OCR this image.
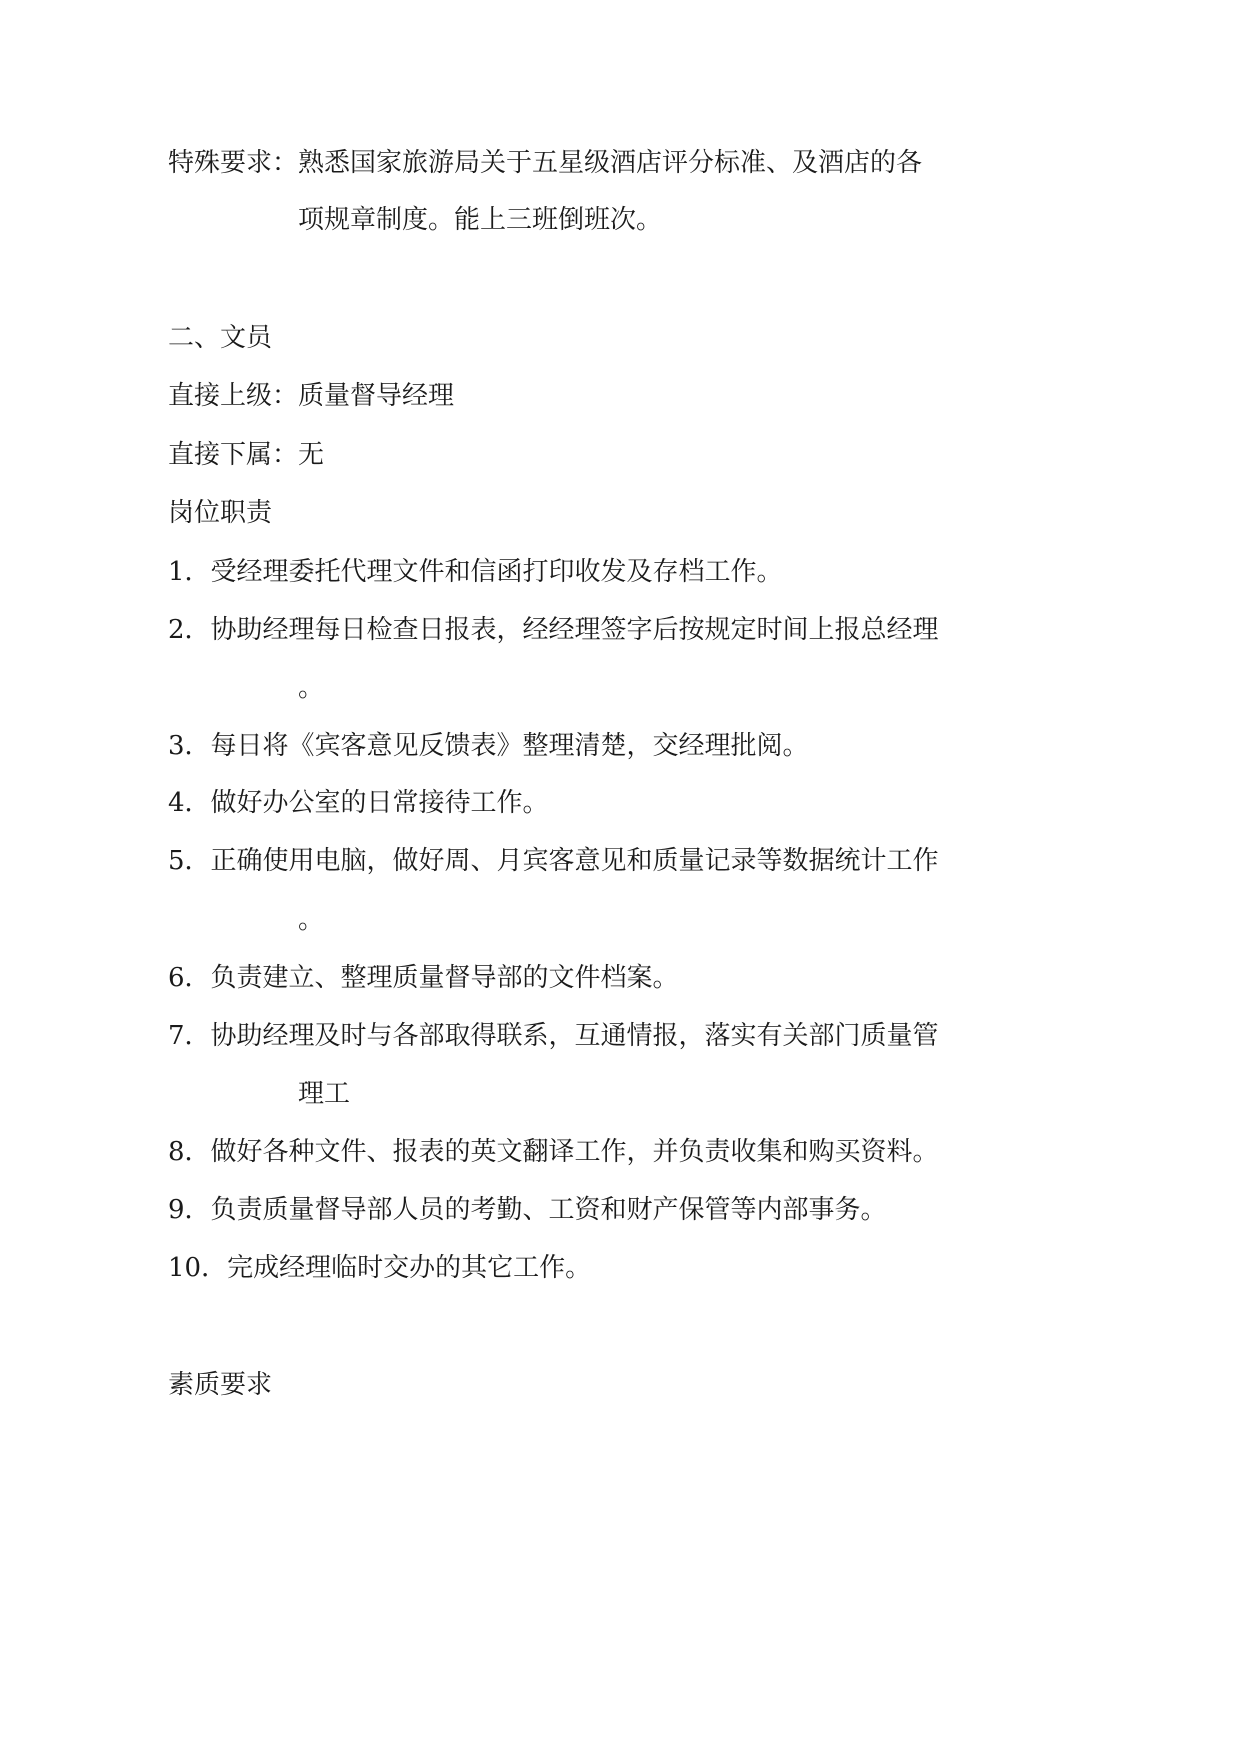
特殊要求：熟悉国家旅游局关于五星级酒店评分标准、及酒店的各
项规章制度。能上三班倒班次。
二、文员
直接上级：质量督导经理
直接下属：无
岗位职责
1．受经理委托代理文件和信函打印收发及存档工作。
2．协助经理每日检查日报表，经经理签字后按规定时间上报总经理
。
3．每日将《宾客意见反馈表》整理清楚，交经理批阅。
4．做好办公室的日常接待工作。
5．正确使用电脑，做好周、月宾客意见和质量记录等数据统计工作
。
6．负责建立、整理质量督导部的文件档案。
7．协助经理及时与各部取得联系，互通情报，落实有关部门质量管
理工
8．做好各种文件、报表的英文翻译工作，并负责收集和购买资料。
9．负责质量督导部人员的考勤、工资和财产保管等内部事务。
10．完成经理临时交办的其它工作。
素质要求
